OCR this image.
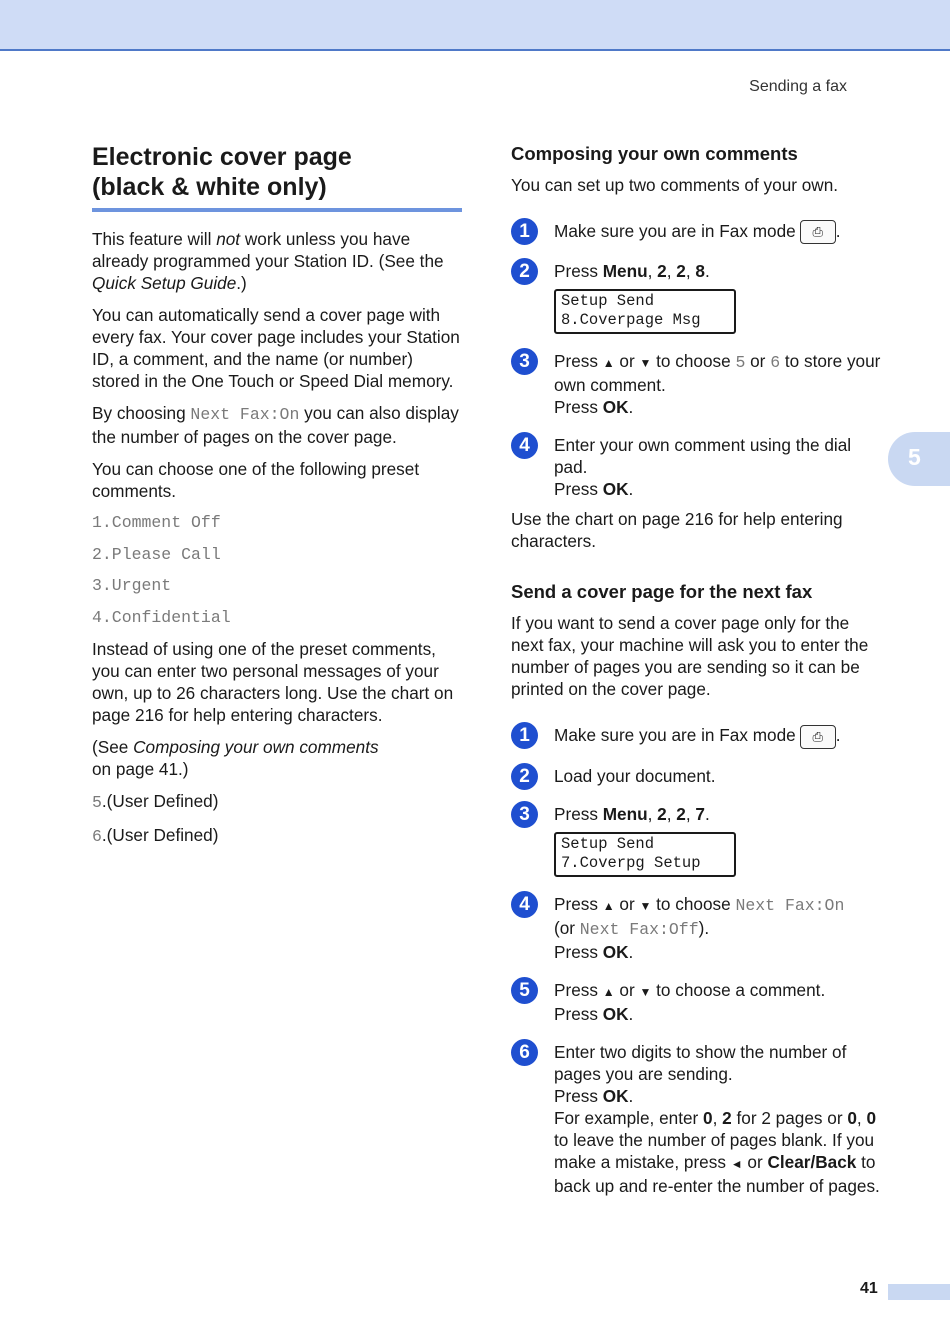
Sending a fax
5
Electronic cover page
(black & white only)

This feature will not work unless you have already programmed your Station ID. (See the Quick Setup Guide.)

You can automatically send a cover page with every fax. Your cover page includes your Station ID, a comment, and the name (or number) stored in the One Touch or Speed Dial memory.

By choosing Next Fax:On you can also display the number of pages on the cover page.

You can choose one of the following preset comments.

1.Comment Off
2.Please Call
3.Urgent
4.Confidential

Instead of using one of the preset comments, you can enter two personal messages of your own, up to 26 characters long. Use the chart on page 216 for help entering characters.

(See Composing your own comments
on page 41.)

5.(User Defined)

6.(User Defined)

Composing your own comments

You can set up two comments of your own.

1	Make sure you are in Fax mode ⎙ .
2	Press Menu, 2, 2, 8.
Setup Send
8.Coverpage Msg
3	Press ▲ or ▼ to choose 5 or 6 to store your own comment.
Press OK.
4	Enter your own comment using the dial pad.
Press OK.

Use the chart on page 216 for help entering characters.

Send a cover page for the next fax

If you want to send a cover page only for the next fax, your machine will ask you to enter the number of pages you are sending so it can be printed on the cover page.

1	Make sure you are in Fax mode ⎙ .
2	Load your document.
3	Press Menu, 2, 2, 7.
Setup Send
7.Coverpg Setup
4	Press ▲ or ▼ to choose Next Fax:On
(or Next Fax:Off).
Press OK.
5	Press ▲ or ▼ to choose a comment.
Press OK.
6	Enter two digits to show the number of pages you are sending.
Press OK.
For example, enter 0, 2 for 2 pages or 0, 0 to leave the number of pages blank. If you make a mistake, press ◄ or Clear/Back to back up and re-enter the number of pages.
41
